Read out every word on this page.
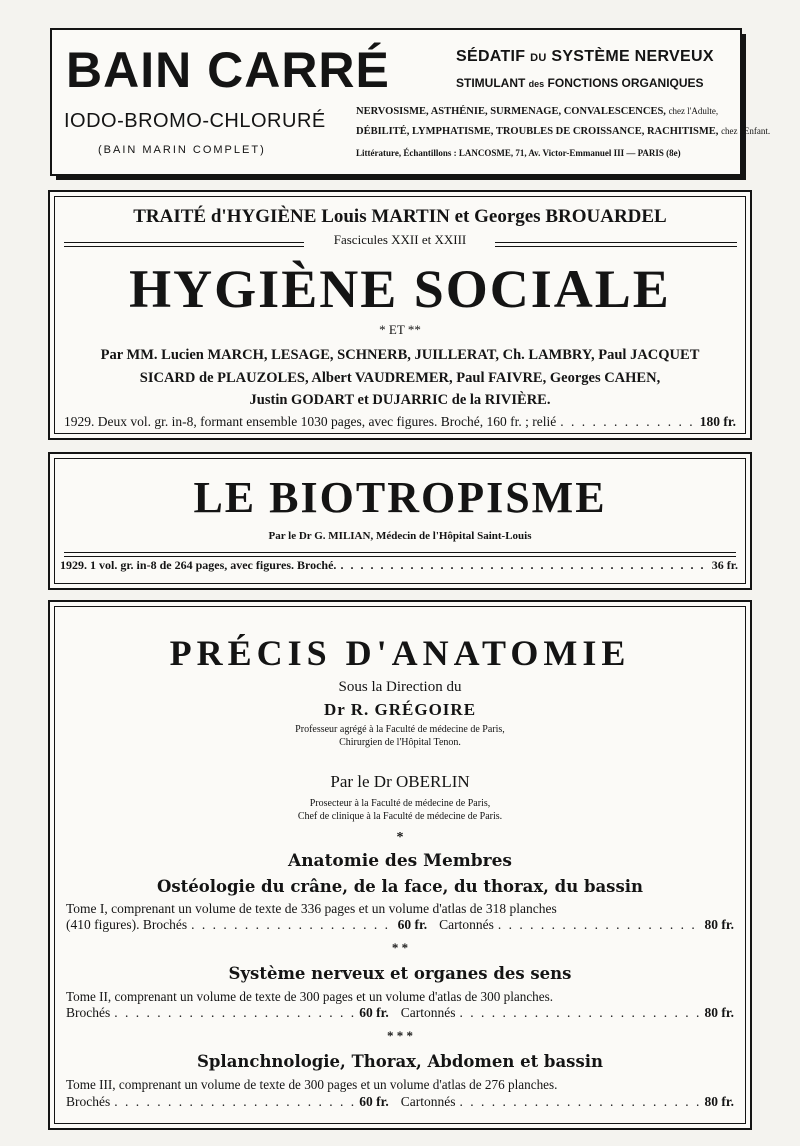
BAIN CARRÉ
IODO-BROMO-CHLORURÉ
(BAIN MARIN COMPLET)
SÉDATIF DU SYSTÈME NERVEUX
STIMULANT des FONCTIONS ORGANIQUES
NERVOSISME, ASTHÉNIE, SURMENAGE, CONVALESCENCES, chez l'Adulte,
DÉBILITÉ, LYMPHATISME, TROUBLES DE CROISSANCE, RACHITISME, chez l'Enfant.
Littérature, Échantillons : LANCOSME, 71, Av. Victor-Emmanuel III — PARIS (8e)
TRAITÉ d'HYGIÈNE Louis MARTIN et Georges BROUARDEL
Fascicules XXII et XXIII
HYGIÈNE SOCIALE
* ET **
Par MM. Lucien MARCH, LESAGE, SCHNERB, JUILLERAT, Ch. LAMBRY, Paul JACQUET
SICARD de PLAUZOLES, Albert VAUDREMER, Paul FAIVRE, Georges CAHEN,
Justin GODART et DUJARRIC de la RIVIÈRE.
1929. Deux vol. gr. in-8, formant ensemble 1030 pages, avec figures. Broché, 160 fr. ; relié . . .	180 fr.
LE BIOTROPISME
Par le Dr G. MILIAN, Médecin de l'Hôpital Saint-Louis
1929. 1 vol. gr. in-8 de 264 pages, avec figures. Broché. . . .	36 fr.
PRÉCIS D'ANATOMIE
Sous la Direction du
Dr R. GRÉGOIRE
Professeur agrégé à la Faculté de médecine de Paris,
Chirurgien de l'Hôpital Tenon.
Par le Dr OBERLIN
Prosecteur à la Faculté de médecine de Paris,
Chef de clinique à la Faculté de médecine de Paris.
*
Anatomie des Membres
Ostéologie du crâne, de la face, du thorax, du bassin
Tome I, comprenant un volume de texte de 336 pages et un volume d'atlas de 318 planches
(410 figures). Brochés . . .	60 fr. Cartonnés . . .	80 fr.
* *
Système nerveux et organes des sens
Tome II, comprenant un volume de texte de 300 pages et un volume d'atlas de 300 planches.
Brochés . . .	60 fr. Cartonnés . . .	80 fr.
* * *
Splanchnologie, Thorax, Abdomen et bassin
Tome III, comprenant un volume de texte de 300 pages et un volume d'atlas de 276 planches.
Brochés . . .	60 fr. Cartonnés . . .	80 fr.
